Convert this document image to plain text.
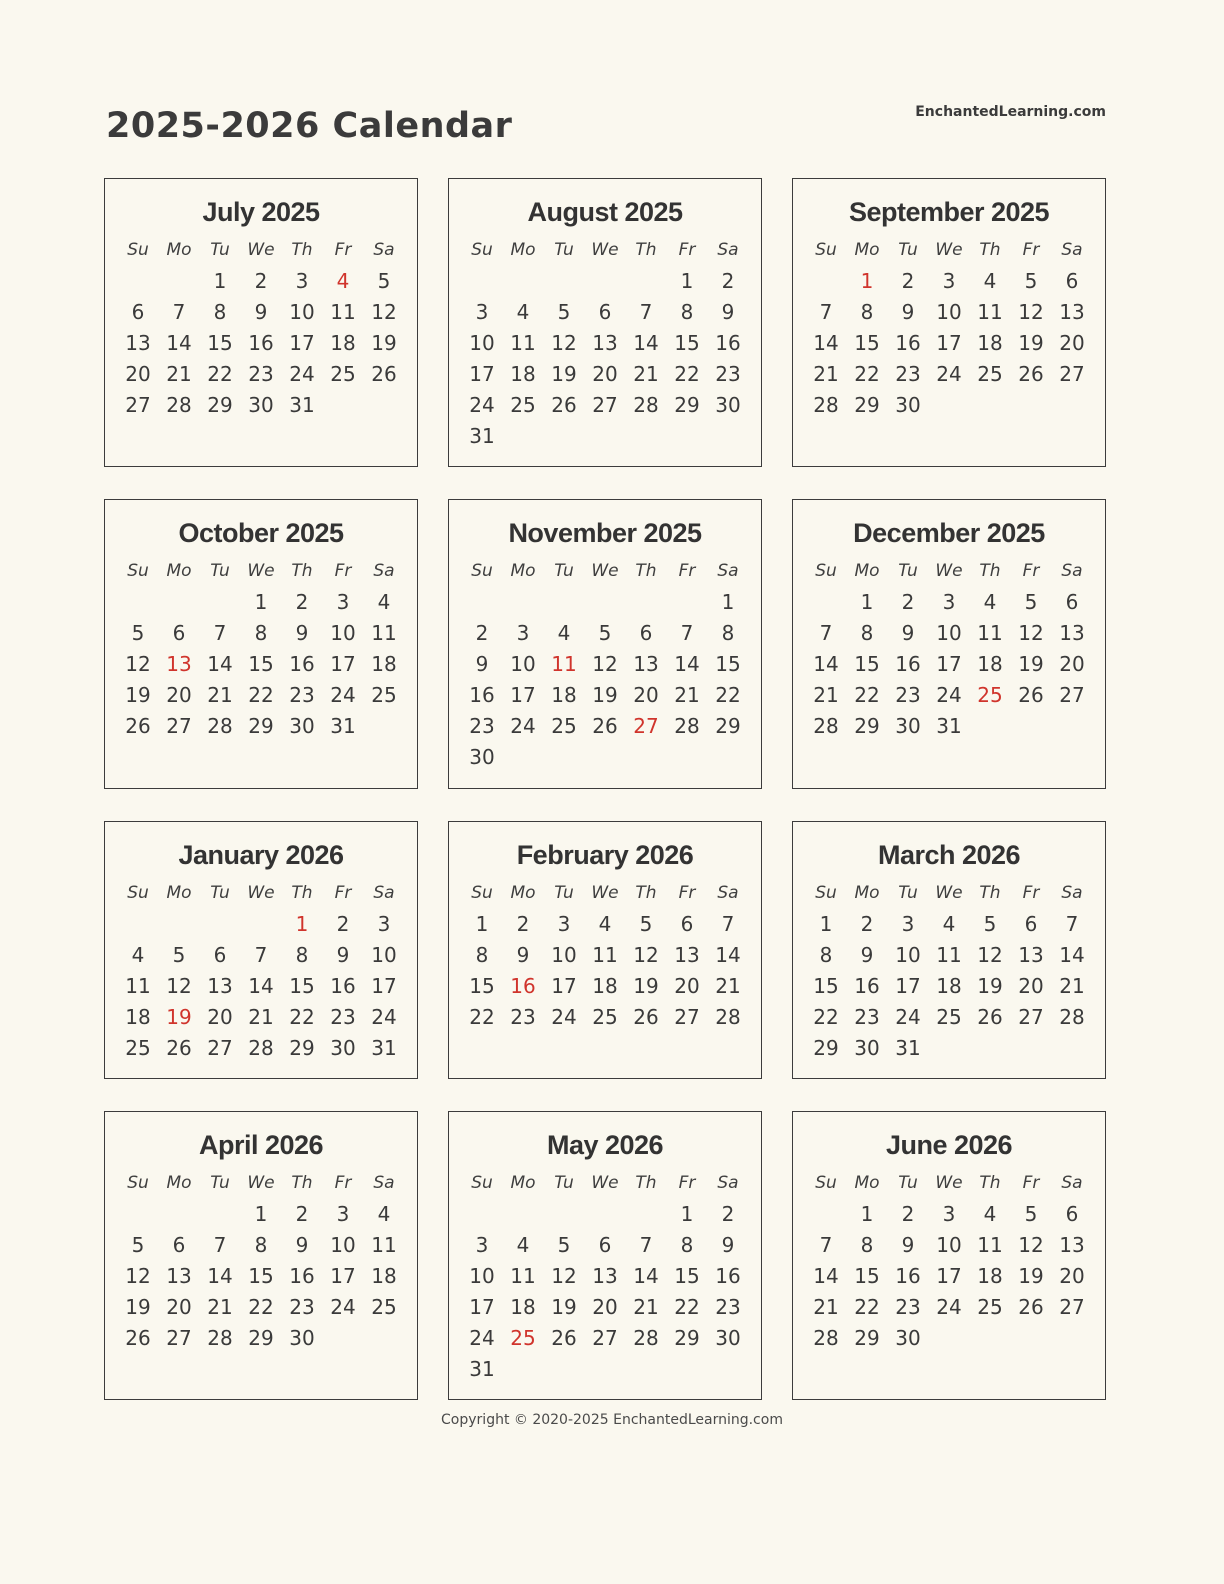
2025-2026 Calendar	EnchantedLearning.com
July 2025
Su	Mo	Tu	We	Th	Fr	Sa
		1	2	3	4	5
6	7	8	9	10	11	12
13	14	15	16	17	18	19
20	21	22	23	24	25	26
27	28	29	30	31		
August 2025
Su	Mo	Tu	We	Th	Fr	Sa
					1	2
3	4	5	6	7	8	9
10	11	12	13	14	15	16
17	18	19	20	21	22	23
24	25	26	27	28	29	30
31						
September 2025
Su	Mo	Tu	We	Th	Fr	Sa
	1	2	3	4	5	6
7	8	9	10	11	12	13
14	15	16	17	18	19	20
21	22	23	24	25	26	27
28	29	30				
October 2025
Su	Mo	Tu	We	Th	Fr	Sa
			1	2	3	4
5	6	7	8	9	10	11
12	13	14	15	16	17	18
19	20	21	22	23	24	25
26	27	28	29	30	31	
November 2025
Su	Mo	Tu	We	Th	Fr	Sa
						1
2	3	4	5	6	7	8
9	10	11	12	13	14	15
16	17	18	19	20	21	22
23	24	25	26	27	28	29
30						
December 2025
Su	Mo	Tu	We	Th	Fr	Sa
	1	2	3	4	5	6
7	8	9	10	11	12	13
14	15	16	17	18	19	20
21	22	23	24	25	26	27
28	29	30	31			
January 2026
Su	Mo	Tu	We	Th	Fr	Sa
				1	2	3
4	5	6	7	8	9	10
11	12	13	14	15	16	17
18	19	20	21	22	23	24
25	26	27	28	29	30	31
February 2026
Su	Mo	Tu	We	Th	Fr	Sa
1	2	3	4	5	6	7
8	9	10	11	12	13	14
15	16	17	18	19	20	21
22	23	24	25	26	27	28
March 2026
Su	Mo	Tu	We	Th	Fr	Sa
1	2	3	4	5	6	7
8	9	10	11	12	13	14
15	16	17	18	19	20	21
22	23	24	25	26	27	28
29	30	31				
April 2026
Su	Mo	Tu	We	Th	Fr	Sa
			1	2	3	4
5	6	7	8	9	10	11
12	13	14	15	16	17	18
19	20	21	22	23	24	25
26	27	28	29	30		
May 2026
Su	Mo	Tu	We	Th	Fr	Sa
					1	2
3	4	5	6	7	8	9
10	11	12	13	14	15	16
17	18	19	20	21	22	23
24	25	26	27	28	29	30
31						
June 2026
Su	Mo	Tu	We	Th	Fr	Sa
	1	2	3	4	5	6
7	8	9	10	11	12	13
14	15	16	17	18	19	20
21	22	23	24	25	26	27
28	29	30				
Copyright © 2020-2025 EnchantedLearning.com
